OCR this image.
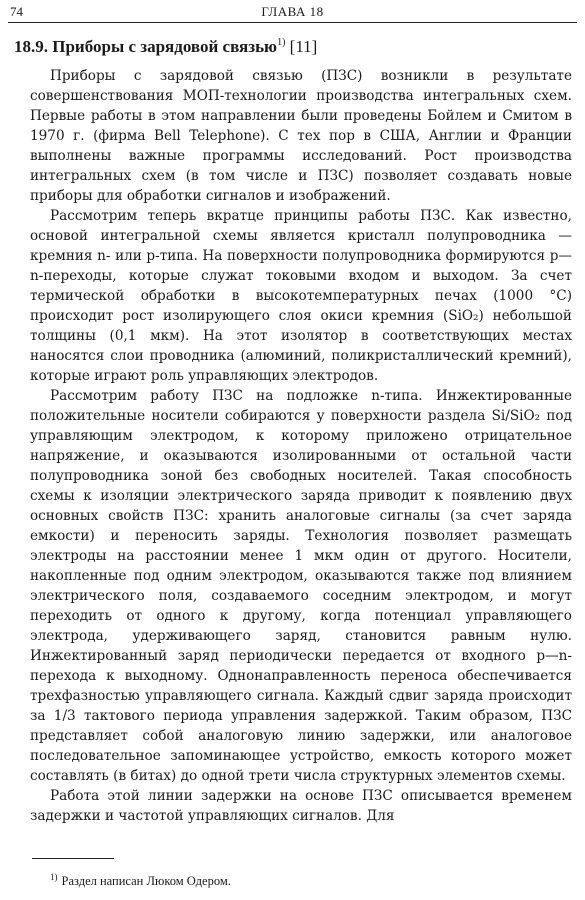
74	ГЛАВА 18
18.9. Приборы с зарядовой связью$^{1)}$ [11]

Приборы с зарядовой связью (ПЗС) возникли в результате совершенствования МОП-технологии производства интегральных схем. Первые работы в этом направлении были проведены Бойлем и Смитом в 1970 г. (фирма Bell Telephone). С тех пор в США, Англии и Франции выполнены важные программы исследований. Рост производства интегральных схем (в том числе и ПЗС) позволяет создавать новые приборы для обработки сигналов и изображений.

Рассмотрим теперь вкратце принципы работы ПЗС. Как известно, основой интегральной схемы является кристалл полупроводника — кремния n- или p-типа. На поверхности полупроводника формируются p—n-переходы, которые служат токовыми входом и выходом. За счет термической обработки в высокотемпературных печах (1000 °C) происходит рост изолирующего слоя окиси кремния (SiO₂) небольшой толщины (0,1 мкм). На этот изолятор в соответствующих местах наносятся слои проводника (алюминий, поликристаллический кремний), которые играют роль управляющих электродов.

Рассмотрим работу ПЗС на подложке n-типа. Инжектированные положительные носители собираются у поверхности раздела Si/SiO₂ под управляющим электродом, к которому приложено отрицательное напряжение, и оказываются изолированными от остальной части полупроводника зоной без свободных носителей. Такая способность схемы к изоляции электрического заряда приводит к появлению двух основных свойств ПЗС: хранить аналоговые сигналы (за счет заряда емкости) и переносить заряды. Технология позволяет размещать электроды на расстоянии менее 1 мкм один от другого. Носители, накопленные под одним электродом, оказываются также под влиянием электрического поля, создаваемого соседним электродом, и могут переходить от одного к другому, когда потенциал управляющего электрода, удерживающего заряд, становится равным нулю. Инжектированный заряд периодически передается от входного p—n-перехода к выходному. Однонаправленность переноса обеспечивается трехфазностью управляющего сигнала. Каждый сдвиг заряда происходит за 1/3 тактового периода управления задержкой. Таким образом, ПЗС представляет собой аналоговую линию задержки, или аналоговое последовательное запоминающее устройство, емкость которого может составлять (в битах) до одной трети числа структурных элементов схемы.

Работа этой линии задержки на основе ПЗС описывается временем задержки и частотой управляющих сигналов. Для

$^{1)}$ Раздел написан Люком Одером.
